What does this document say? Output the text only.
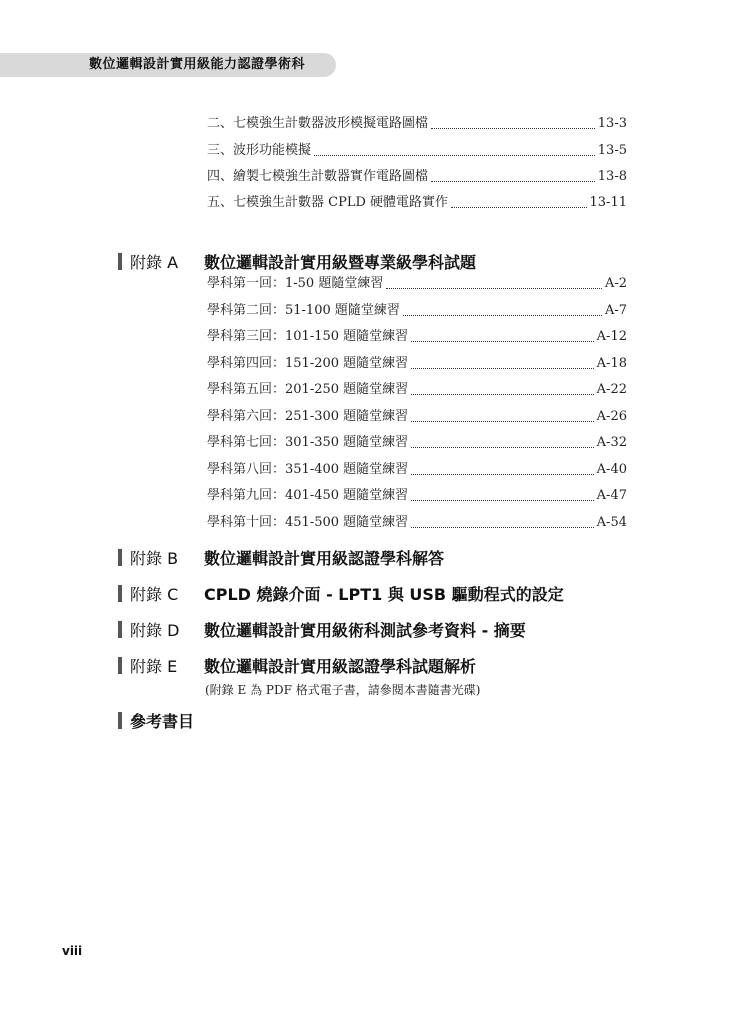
數位邏輯設計實用級能力認證學術科
二、七模強生計數器波形模擬電路圖檔	13-3
三、波形功能模擬	13-5
四、繪製七模強生計數器實作電路圖檔	13-8
五、七模強生計數器 CPLD 硬體電路實作	13-11
附錄 A	數位邏輯設計實用級暨專業級學科試題
學科第一回：1-50 題隨堂練習	A-2
學科第二回：51-100 題隨堂練習	A-7
學科第三回：101-150 題隨堂練習	A-12
學科第四回：151-200 題隨堂練習	A-18
學科第五回：201-250 題隨堂練習	A-22
學科第六回：251-300 題隨堂練習	A-26
學科第七回：301-350 題隨堂練習	A-32
學科第八回：351-400 題隨堂練習	A-40
學科第九回：401-450 題隨堂練習	A-47
學科第十回：451-500 題隨堂練習	A-54
附錄 B	數位邏輯設計實用級認證學科解答
附錄 C	CPLD 燒錄介面 - LPT1 與 USB 驅動程式的設定
附錄 D	數位邏輯設計實用級術科測試參考資料 - 摘要
附錄 E	數位邏輯設計實用級認證學科試題解析
(附錄 E 為 PDF 格式電子書，請參閱本書隨書光碟)
參考書目
viii
